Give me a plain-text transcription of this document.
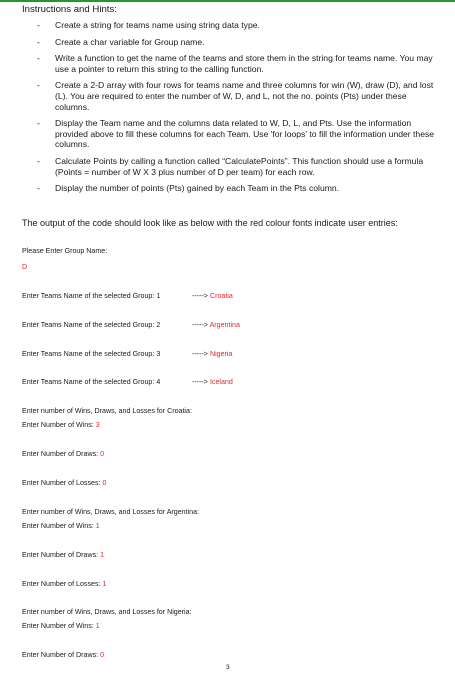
Instructions and Hints:
- Create a string for teams name using string data type.
- Create a char variable for Group name.
- Write a function to get the name of the teams and store them in the string for teams name. You may use a pointer to return this string to the calling function.
- Create a 2-D array with four rows for teams name and three columns for win (W), draw (D), and lost (L). You are required to enter the number of W, D, and L, not the no. points (Pts) under these columns.
- Display the Team name and the columns data related to W, D, L, and Pts. Use the information provided above to fill these columns for each Team. Use 'for loops' to fill the information under these columns.
- Calculate Points by calling a function called “CalculatePoints”. This function should use a formula (Points = number of W X 3 plus number of D per team) for each row.
- Display the number of points (Pts) gained by each Team in the Pts column.
The output of the code should look like as below with the red colour fonts indicate user entries:
Please Enter Group Name:
D
Enter Teams Name of the selected Group: 1	-----> Croatia
Enter Teams Name of the selected Group: 2	-----> Argentina
Enter Teams Name of the selected Group: 3	-----> Nigeria
Enter Teams Name of the selected Group: 4	-----> Iceland
Enter number of Wins, Draws, and Losses for Croatia:
Enter Number of Wins: 3
Enter Number of Draws: 0
Enter Number of Losses: 0
Enter number of Wins, Draws, and Losses for Argentina:
Enter Number of Wins: 1
Enter Number of Draws: 1
Enter Number of Losses: 1
Enter number of Wins, Draws, and Losses for Nigeria:
Enter Number of Wins: 1
Enter Number of Draws: 0
3
